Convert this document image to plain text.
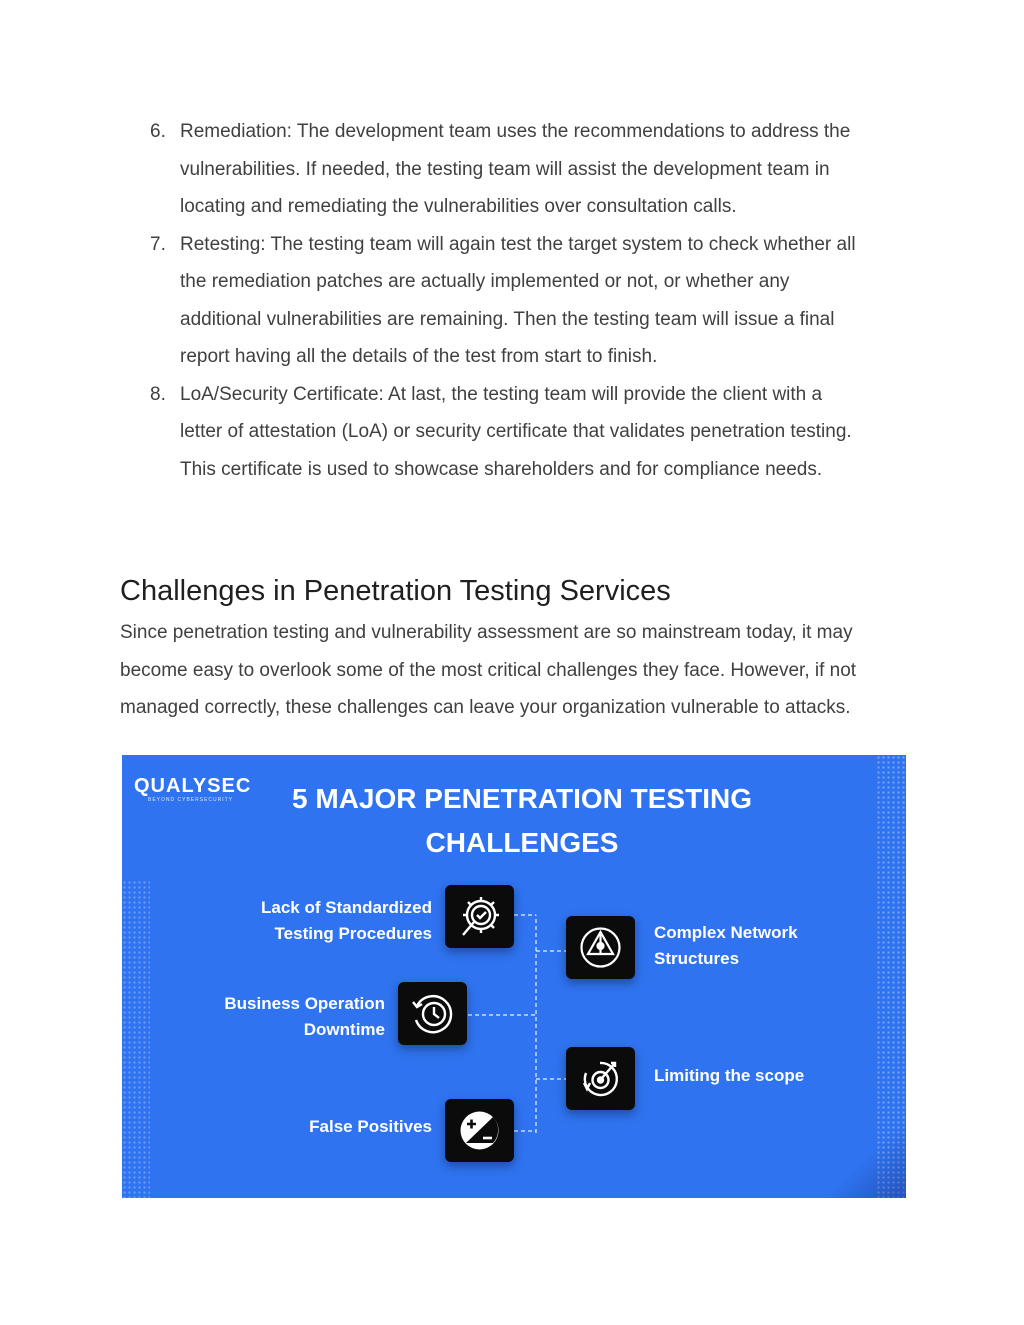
6. Remediation: The development team uses the recommendations to address the
vulnerabilities. If needed, the testing team will assist the development team in
locating and remediating the vulnerabilities over consultation calls.
7. Retesting: The testing team will again test the target system to check whether all
the remediation patches are actually implemented or not, or whether any
additional vulnerabilities are remaining. Then the testing team will issue a final
report having all the details of the test from start to finish.
8. LoA/Security Certificate: At last, the testing team will provide the client with a
letter of attestation (LoA) or security certificate that validates penetration testing.
This certificate is used to showcase shareholders and for compliance needs.
Challenges in Penetration Testing Services
Since penetration testing and vulnerability assessment are so mainstream today, it may
become easy to overlook some of the most critical challenges they face. However, if not
managed correctly, these challenges can leave your organization vulnerable to attacks.
QUALYSEC
BEYOND CYBERSECURITY	5 MAJOR PENETRATION TESTING
CHALLENGES
Lack of Standardized
Testing Procedures
Business Operation
Downtime
False Positives
Complex Network
Structures
Limiting the scope
